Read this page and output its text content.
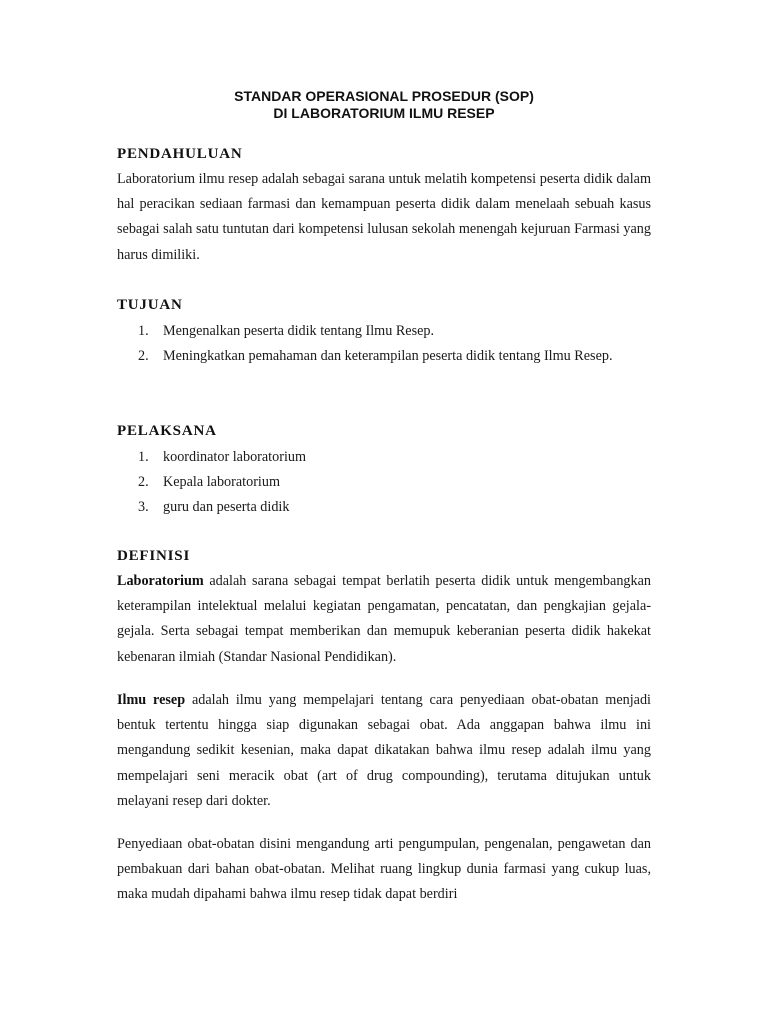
STANDAR OPERASIONAL PROSEDUR (SOP)
DI LABORATORIUM ILMU RESEP
PENDAHULUAN
Laboratorium ilmu resep adalah sebagai sarana untuk melatih kompetensi peserta didik dalam hal peracikan sediaan farmasi dan kemampuan peserta didik dalam menelaah sebuah kasus sebagai salah satu tuntutan dari kompetensi lulusan sekolah menengah kejuruan Farmasi yang harus dimiliki.
TUJUAN
1.	Mengenalkan peserta didik tentang Ilmu Resep.
2.	Meningkatkan pemahaman dan keterampilan peserta didik tentang Ilmu Resep.
PELAKSANA
1.	koordinator laboratorium
2.	Kepala laboratorium
3.	guru dan peserta didik
DEFINISI
Laboratorium adalah sarana sebagai tempat berlatih peserta didik untuk mengembangkan keterampilan intelektual melalui kegiatan pengamatan, pencatatan, dan pengkajian gejala-gejala. Serta sebagai tempat memberikan dan memupuk keberanian peserta didik hakekat kebenaran ilmiah (Standar Nasional Pendidikan).
Ilmu resep adalah ilmu yang mempelajari tentang cara penyediaan obat-obatan menjadi bentuk tertentu hingga siap digunakan sebagai obat. Ada anggapan bahwa ilmu ini mengandung sedikit kesenian, maka dapat dikatakan bahwa ilmu resep adalah ilmu yang mempelajari seni meracik obat (art of drug compounding), terutama ditujukan untuk melayani resep dari dokter.
Penyediaan obat-obatan disini mengandung arti pengumpulan, pengenalan, pengawetan dan pembakuan dari bahan obat-obatan. Melihat ruang lingkup dunia farmasi yang cukup luas, maka mudah dipahami bahwa ilmu resep tidak dapat berdiri
